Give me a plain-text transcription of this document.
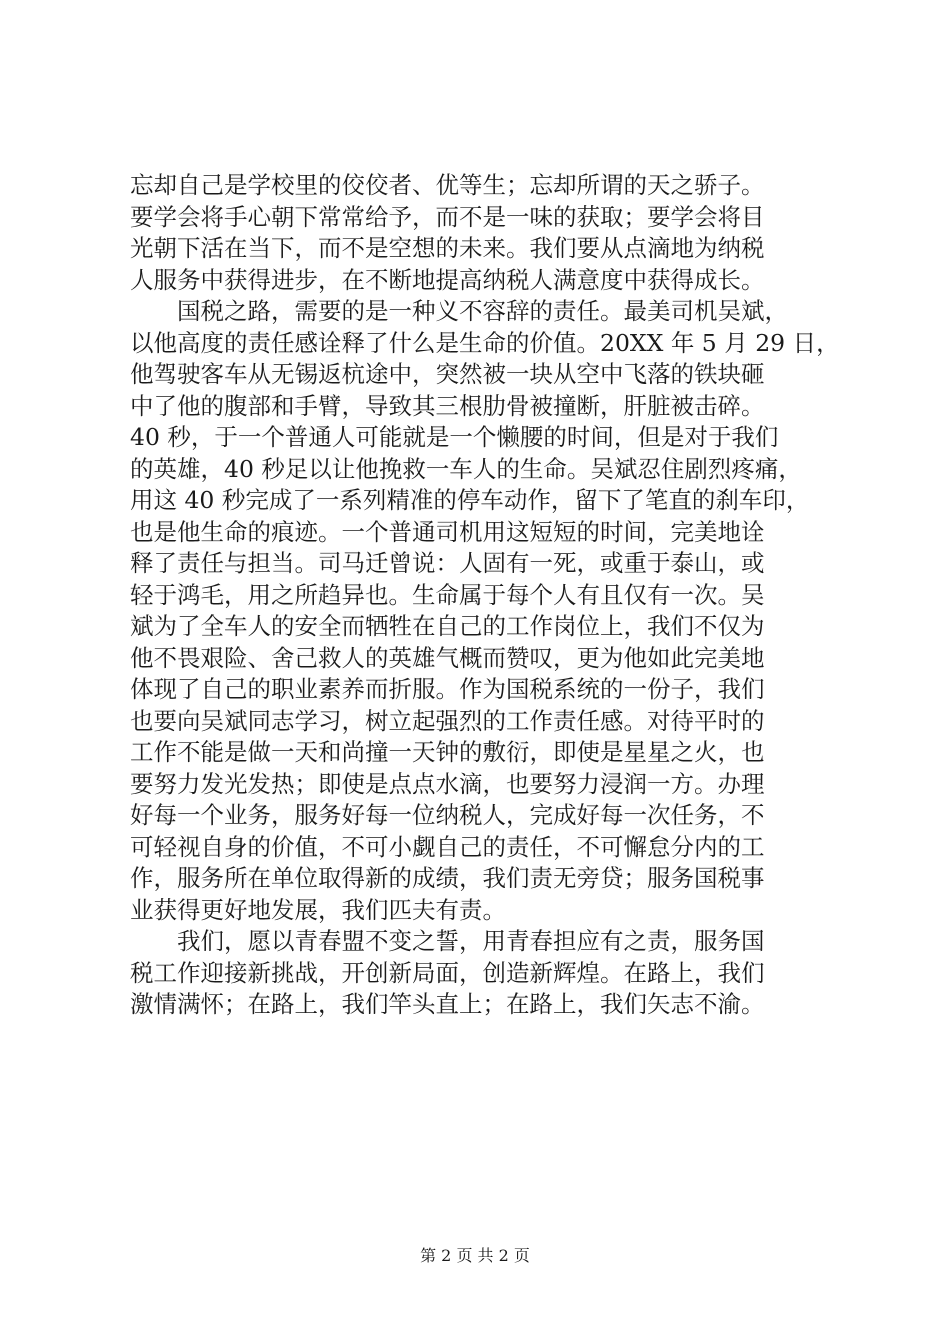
忘却自己是学校里的佼佼者、优等生；忘却所谓的天之骄子。
要学会将手心朝下常常给予，而不是一味的获取；要学会将目
光朝下活在当下，而不是空想的未来。我们要从点滴地为纳税
人服务中获得进步，在不断地提高纳税人满意度中获得成长。
国税之路，需要的是一种义不容辞的责任。最美司机吴斌，
以他高度的责任感诠释了什么是生命的价值。20XX 年 5 月 29 日，
他驾驶客车从无锡返杭途中，突然被一块从空中飞落的铁块砸
中了他的腹部和手臂，导致其三根肋骨被撞断，肝脏被击碎。
40 秒，于一个普通人可能就是一个懒腰的时间，但是对于我们
的英雄，40 秒足以让他挽救一车人的生命。吴斌忍住剧烈疼痛，
用这 40 秒完成了一系列精准的停车动作，留下了笔直的刹车印，
也是他生命的痕迹。一个普通司机用这短短的时间，完美地诠
释了责任与担当。司马迁曾说：人固有一死，或重于泰山，或
轻于鸿毛，用之所趋异也。生命属于每个人有且仅有一次。吴
斌为了全车人的安全而牺牲在自己的工作岗位上，我们不仅为
他不畏艰险、舍己救人的英雄气概而赞叹，更为他如此完美地
体现了自己的职业素养而折服。作为国税系统的一份子，我们
也要向吴斌同志学习，树立起强烈的工作责任感。对待平时的
工作不能是做一天和尚撞一天钟的敷衍，即使是星星之火，也
要努力发光发热；即使是点点水滴，也要努力浸润一方。办理
好每一个业务，服务好每一位纳税人，完成好每一次任务，不
可轻视自身的价值，不可小觑自己的责任，不可懈怠分内的工
作，服务所在单位取得新的成绩，我们责无旁贷；服务国税事
业获得更好地发展，我们匹夫有责。
我们，愿以青春盟不变之誓，用青春担应有之责，服务国
税工作迎接新挑战，开创新局面，创造新辉煌。在路上，我们
激情满怀；在路上，我们竿头直上；在路上，我们矢志不渝。
第 2 页 共 2 页
